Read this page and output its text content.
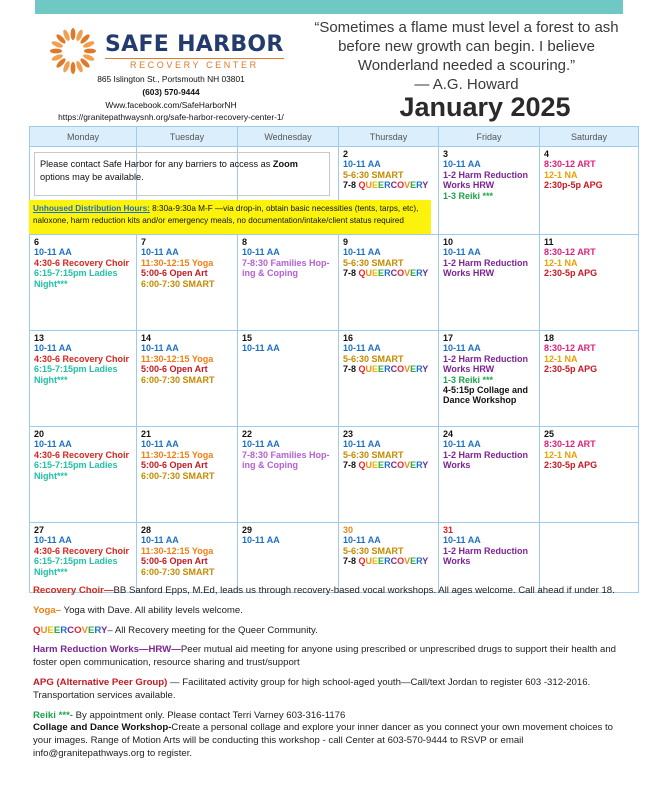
SAFE HARBOR
RECOVERY CENTER
865 Islington St., Portsmouth NH 03801
(603) 570-9444
Www.facebook.com/SafeHarborNH
https://granitepathwaysnh.org/safe-harbor-recovery-center-1/
“Sometimes a flame must level a forest to ash before new growth can begin. I believe Wonderland needed a scouring.”
— A.G. Howard
January 2025
Monday	Tuesday	Wednesday	Thursday	Friday	Saturday

			2
10-11 AA
5-6:30 SMART
7-8 QUEERCOVERY	3
10-11 AA
1-2 Harm Reduction Works HRW
1-3 Reiki ***	4
8:30-12 ART
12-1 NA
2:30p-5p APG

6
10-11 AA
4:30-6 Recovery Choir
6:15-7:15pm Ladies Night***	7
10-11 AA
11:30-12:15 Yoga
5:00-6 Open Art
6:00-7:30 SMART	8
10-11 AA
7-8:30 Families Hop-ing & Coping	9
10-11 AA
5-6:30 SMART
7-8 QUEERCOVERY	10
10-11 AA
1-2 Harm Reduction Works HRW	11
8:30-12 ART
12-1 NA
2:30-5p APG

13
10-11 AA
4:30-6 Recovery Choir
6:15-7:15pm Ladies Night***	14
10-11 AA
11:30-12:15 Yoga
5:00-6 Open Art
6:00-7:30 SMART	15
10-11 AA	16
10-11 AA
5-6:30 SMART
7-8 QUEERCOVERY	17
10-11 AA
1-2 Harm Reduction Works HRW
1-3 Reiki ***
4-5:15p Collage and Dance Workshop	18
8:30-12 ART
12-1 NA
2:30-5p APG

20
10-11 AA
4:30-6 Recovery Choir
6:15-7:15pm Ladies Night***	21
10-11 AA
11:30-12:15 Yoga
5:00-6 Open Art
6:00-7:30 SMART	22
10-11 AA
7-8:30 Families Hop-ing & Coping	23
10-11 AA
5-6:30 SMART
7-8 QUEERCOVERY	24
10-11 AA
1-2 Harm Reduction Works	25
8:30-12 ART
12-1 NA
2:30-5p APG

27
10-11 AA
4:30-6 Recovery Choir
6:15-7:15pm Ladies Night***	28
10-11 AA
11:30-12:15 Yoga
5:00-6 Open Art
6:00-7:30 SMART	29
10-11 AA	30
10-11 AA
5-6:30 SMART
7-8 QUEERCOVERY	31
10-11 AA
1-2 Harm Reduction Works	

Please contact Safe Harbor for any barriers to access as Zoom options may be available.
Unhoused Distribution Hours: 8:30a-9:30a M-F —via drop-in, obtain basic necessities (tents, tarps, etc), naloxone, harm reduction kits and/or emergency meals, no documentation/intake/client status required

Recovery Choir—BB Sanford Epps, M.Ed, leads us through recovery-based vocal workshops. All ages welcome. Call ahead if under 18.

Yoga– Yoga with Dave. All ability levels welcome.

QUEERCOVERY– All Recovery meeting for the Queer Community.

Harm Reduction Works—HRW—Peer mutual aid meeting for anyone using prescribed or unprescribed drugs to support their health and foster open communication, resource sharing and trust/support

APG (Alternative Peer Group) — Facilitated activity group for high school-aged youth—Call/text Jordan to register 603 -312-2016. Transportation services available.

Reiki ***- By appointment only. Please contact Terri Varney 603-316-1176

Collage and Dance Workshop-Create a personal collage and explore your inner dancer as you connect your own movement choices to your images. Range of Motion Arts will be conducting this workshop - call Center at 603-570-9444 to RSVP or email info@granitepathways.org to register.
